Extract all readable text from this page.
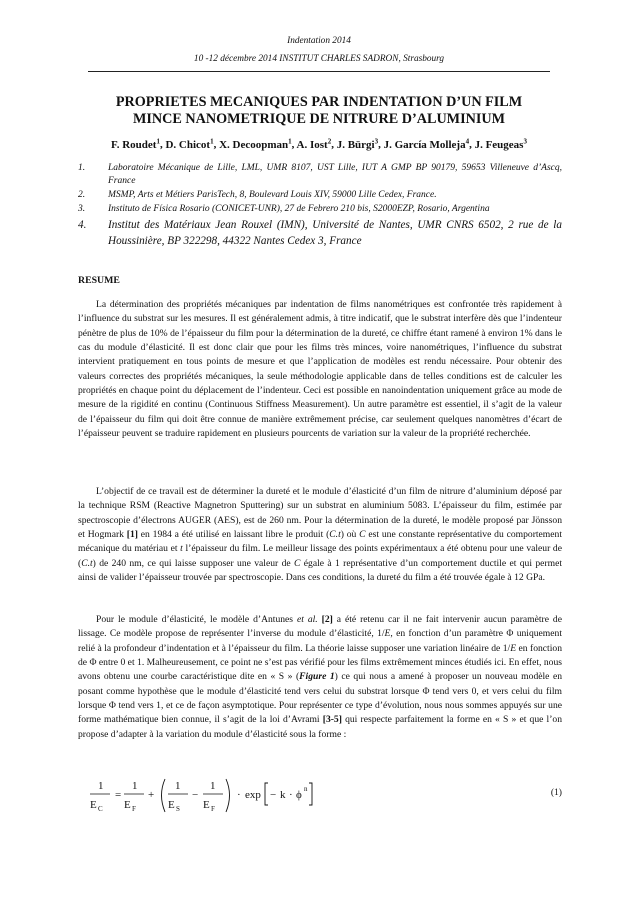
Indentation 2014
10 -12 décembre 2014 INSTITUT CHARLES SADRON, Strasbourg
PROPRIETES MECANIQUES PAR INDENTATION D’UN FILM
MINCE NANOMETRIQUE DE NITRURE D’ALUMINIUM
F. Roudet$^1$, D. Chicot$^1$, X. Decoopman$^1$, A. Iost$^2$, J. Bürgi$^3$, J. García Molleja$^4$, J. Feugeas$^3$
1. Laboratoire Mécanique de Lille, LML, UMR 8107, UST Lille, IUT A GMP BP 90179, 59653 Villeneuve d’Ascq, France
2. MSMP, Arts et Métiers ParisTech, 8, Boulevard Louis XIV, 59000 Lille Cedex, France.
3. Instituto de Física Rosario (CONICET-UNR), 27 de Febrero 210 bis, S2000EZP, Rosario, Argentina
4. Institut des Matériaux Jean Rouxel (IMN), Université de Nantes, UMR CNRS 6502, 2 rue de la Houssinière, BP 322298, 44322 Nantes Cedex 3, France
RESUME
La détermination des propriétés mécaniques par indentation de films nanométriques est confrontée très rapidement à l’influence du substrat sur les mesures. Il est généralement admis, à titre indicatif, que le substrat interfère dès que l’indenteur pénètre de plus de 10% de l’épaisseur du film pour la détermination de la dureté, ce chiffre étant ramené à environ 1% dans le cas du module d’élasticité. Il est donc clair que pour les films très minces, voire nanométriques, l’influence du substrat intervient pratiquement en tous points de mesure et que l’application de modèles est rendu nécessaire. Pour obtenir des valeurs correctes des propriétés mécaniques, la seule méthodologie applicable dans de telles conditions est de calculer les propriétés en chaque point du déplacement de l’indenteur. Ceci est possible en nanoindentation uniquement grâce au mode de mesure de la rigidité en continu (Continuous Stiffness Measurement). Un autre paramètre est essentiel, il s’agit de la valeur de l’épaisseur du film qui doit être connue de manière extrêmement précise, car seulement quelques nanomètres d’écart de l’épaisseur peuvent se traduire rapidement en plusieurs pourcents de variation sur la valeur de la propriété recherchée.
L’objectif de ce travail est de déterminer la dureté et le module d’élasticité d’un film de nitrure d’aluminium déposé par la technique RSM (Reactive Magnetron Sputtering) sur un substrat en aluminium 5083. L’épaisseur du film, estimée par spectroscopie d’électrons AUGER (AES), est de 260 nm. Pour la détermination de la dureté, le modèle proposé par Jönsson et Hogmark [1] en 1984 a été utilisé en laissant libre le produit (C.t) où C est une constante représentative du comportement mécanique du matériau et t l’épaisseur du film. Le meilleur lissage des points expérimentaux a été obtenu pour une valeur de (C.t) de 240 nm, ce qui laisse supposer une valeur de C égale à 1 représentative d’un comportement ductile et qui permet ainsi de valider l’épaisseur trouvée par spectroscopie. Dans ces conditions, la dureté du film a été trouvée égale à 12 GPa.
Pour le module d’élasticité, le modèle d’Antunes et al. [2] a été retenu car il ne fait intervenir aucun paramètre de lissage. Ce modèle propose de représenter l’inverse du module d’élasticité, 1/E, en fonction d’un paramètre Φ uniquement relié à la profondeur d’indentation et à l’épaisseur du film. La théorie laisse supposer une variation linéaire de 1/E en fonction de Φ entre 0 et 1. Malheureusement, ce point ne s’est pas vérifié pour les films extrêmement minces étudiés ici. En effet, nous avons obtenu une courbe caractéristique dite en « S » (Figure 1) ce qui nous a amené à proposer un nouveau modèle en posant comme hypothèse que le module d’élasticité tend vers celui du substrat lorsque Φ tend vers 0, et vers celui du film lorsque Φ tend vers 1, et ce de façon asymptotique. Pour représenter ce type d’évolution, nous nous sommes appuyés sur une forme mathématique bien connue, il s’agit de la loi d’Avrami [3-5] qui respecte parfaitement la forme en « S » et que l’on propose d’adapter à la variation du module d’élasticité sous la forme :
1
E C
=
1
E F
+
1
E S
−
1
E F
· exp − k · ϕ n	(1)
